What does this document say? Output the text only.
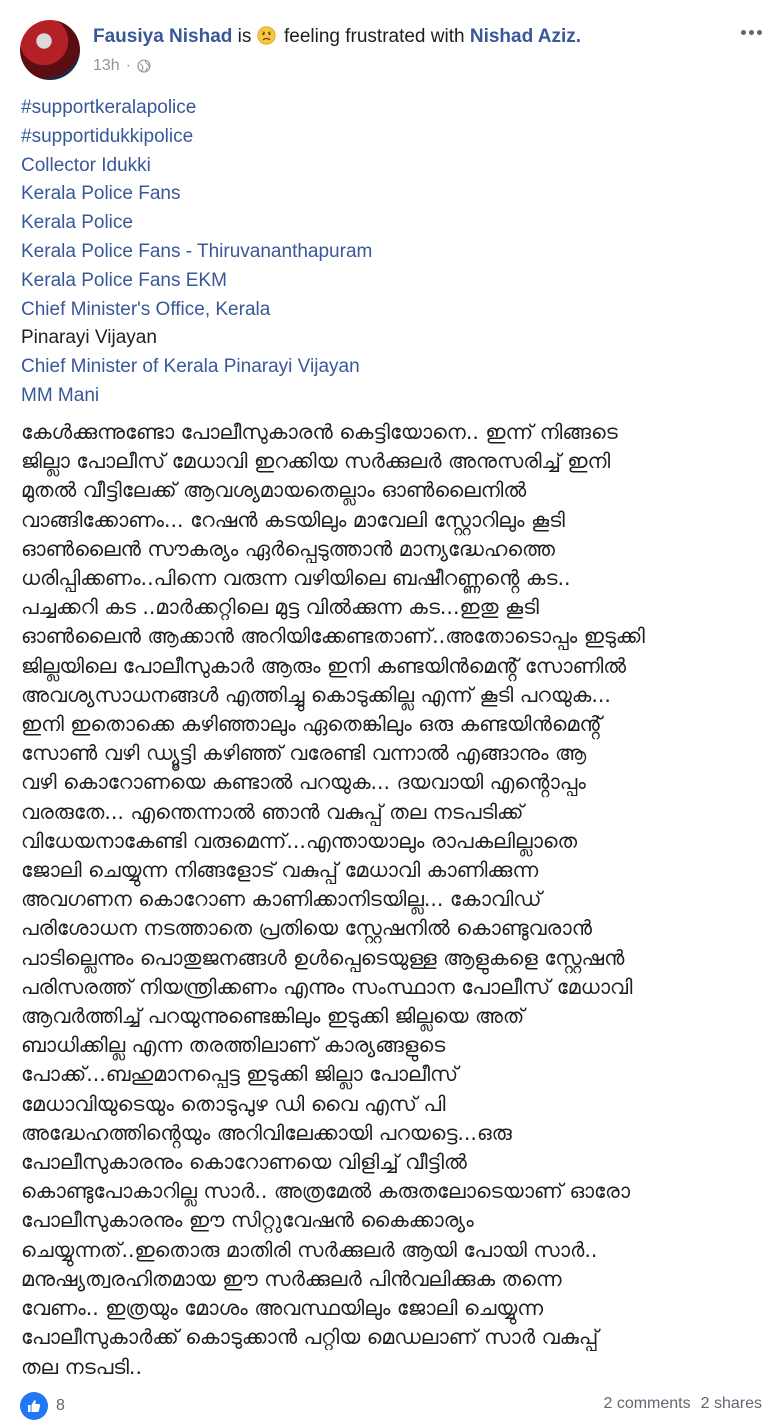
Fausiya Nishad is feeling frustrated with Nishad Aziz.
13h ·
#supportkeralapolice
#supportidukkipolice
Collector Idukki
Kerala Police Fans
Kerala Police
Kerala Police Fans - Thiruvananthapuram
Kerala Police Fans EKM
Chief Minister's Office, Kerala
Pinarayi Vijayan
Chief Minister of Kerala Pinarayi Vijayan
MM Mani

കേൾക്കുന്നുണ്ടോ പോലീസുകാരൻ കെട്ടിയോനെ.. ഇന്ന് നിങ്ങടെ

ജില്ലാ പോലീസ് മേധാവി ഇറക്കിയ സർക്കുലർ അനുസരിച്ച് ഇനി

മുതൽ വീട്ടിലേക്ക് ആവശ്യമായതെല്ലാം ഓൺലൈനിൽ

വാങ്ങിക്കോണം... റേഷൻ കടയിലും മാവേലി സ്റ്റോറിലും കൂടി

ഓൺലൈൻ സൗകര്യം ഏർപ്പെടുത്താൻ മാന്യദ്ധേഹത്തെ

ധരിപ്പിക്കണം..പിന്നെ വരുന്ന വഴിയിലെ ബഷീറണ്ണൻ്റെ കട..

പച്ചക്കറി കട ..മാർക്കറ്റിലെ മുട്ട വിൽക്കുന്ന കട...ഇതു കൂടി

ഓൺലൈൻ ആക്കാൻ അറിയിക്കേണ്ടതാണ്..അതോടൊപ്പം ഇടുക്കി

ജില്ലയിലെ പോലീസുകാർ ആരും ഇനി കണ്ടയിൻമെൻ്റ് സോണിൽ

അവശ്യസാധനങ്ങൾ എത്തിച്ചു കൊടുക്കില്ല എന്ന് കൂടി പറയുക...

ഇനി ഇതൊക്കെ കഴിഞ്ഞാലും ഏതെങ്കിലും ഒരു കണ്ടയിൻമെൻ്റ്

സോൺ വഴി ഡ്യൂട്ടി കഴിഞ്ഞ് വരേണ്ടി വന്നാൽ എങ്ങാനും ആ

വഴി കൊറോണയെ കണ്ടാൽ പറയുക... ദയവായി എൻ്റൊപ്പം

വരരുതേ... എന്തെന്നാൽ ഞാൻ വകുപ്പ് തല നടപടിക്ക്

വിധേയനാകേണ്ടി വരുമെന്ന്...എന്തായാലും രാപകലില്ലാതെ

ജോലി ചെയ്യുന്ന നിങ്ങളോട് വകുപ്പ് മേധാവി കാണിക്കുന്ന

അവഗണന കൊറോണ കാണിക്കാനിടയില്ല... കോവിഡ്

പരിശോധന നടത്താതെ പ്രതിയെ സ്റ്റേഷനിൽ കൊണ്ടുവരാൻ

പാടില്ലെന്നും പൊതുജനങ്ങൾ ഉൾപ്പെടെയുള്ള ആളുകളെ സ്റ്റേഷൻ

പരിസരത്ത് നിയന്ത്രിക്കണം എന്നും സംസ്ഥാന പോലീസ് മേധാവി

ആവർത്തിച്ച് പറയുന്നുണ്ടെങ്കിലും ഇടുക്കി ജില്ലയെ അത്

ബാധിക്കില്ല എന്ന തരത്തിലാണ് കാര്യങ്ങളുടെ

പോക്ക്...ബഹുമാനപ്പെട്ട ഇടുക്കി ജില്ലാ പോലീസ്

മേധാവിയുടെയും തൊടുപുഴ ഡി വൈ എസ് പി

അദ്ധേഹത്തിൻ്റെയും അറിവിലേക്കായി പറയട്ടെ...ഒരു

പോലീസുകാരനും കൊറോണയെ വിളിച്ച് വീട്ടിൽ

കൊണ്ടുപോകാറില്ല സാർ.. അത്രമേൽ കരുതലോടെയാണ് ഓരോ

പോലീസുകാരനും ഈ സിറ്റുവേഷൻ കൈക്കാര്യം

ചെയ്യുന്നത്..ഇതൊരു മാതിരി സർക്കുലർ ആയി പോയി സാർ..

മനുഷ്യത്വരഹിതമായ ഈ സർക്കുലർ പിൻവലിക്കുക തന്നെ

വേണം.. ഇത്രയും മോശം അവസ്ഥയിലും ജോലി ചെയ്യുന്ന

പോലീസുകാർക്ക് കൊടുക്കാൻ പറ്റിയ മെഡലാണ് സാർ വകുപ്പ്

തല നടപടി..

8	2 comments 2 shares
